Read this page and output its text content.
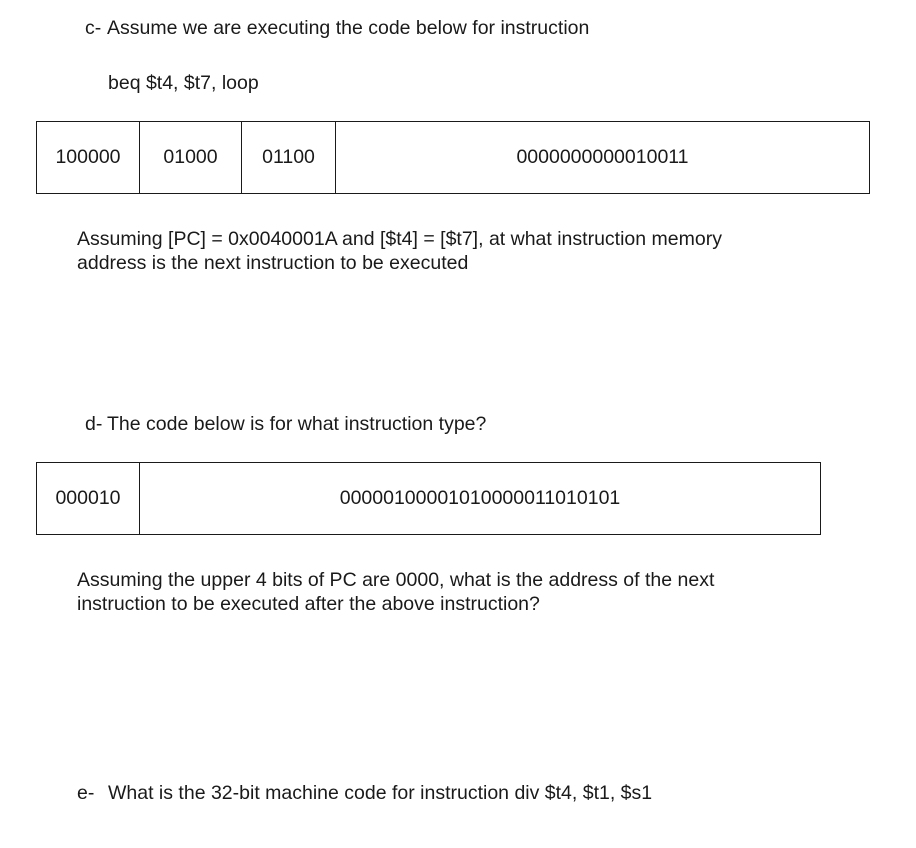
c- Assume we are executing the code below for instruction
beq $t4, $t7, loop
100000	01000	01100	0000000000010011
Assuming [PC] = 0x0040001A and [$t4] = [$t7], at what instruction memory
address is the next instruction to be executed
d- The code below is for what instruction type?
000010	00000100001010000011010101
Assuming the upper 4 bits of PC are 0000, what is the address of the next
instruction to be executed after the above instruction?
e- What is the 32-bit machine code for instruction div $t4, $t1, $s1
